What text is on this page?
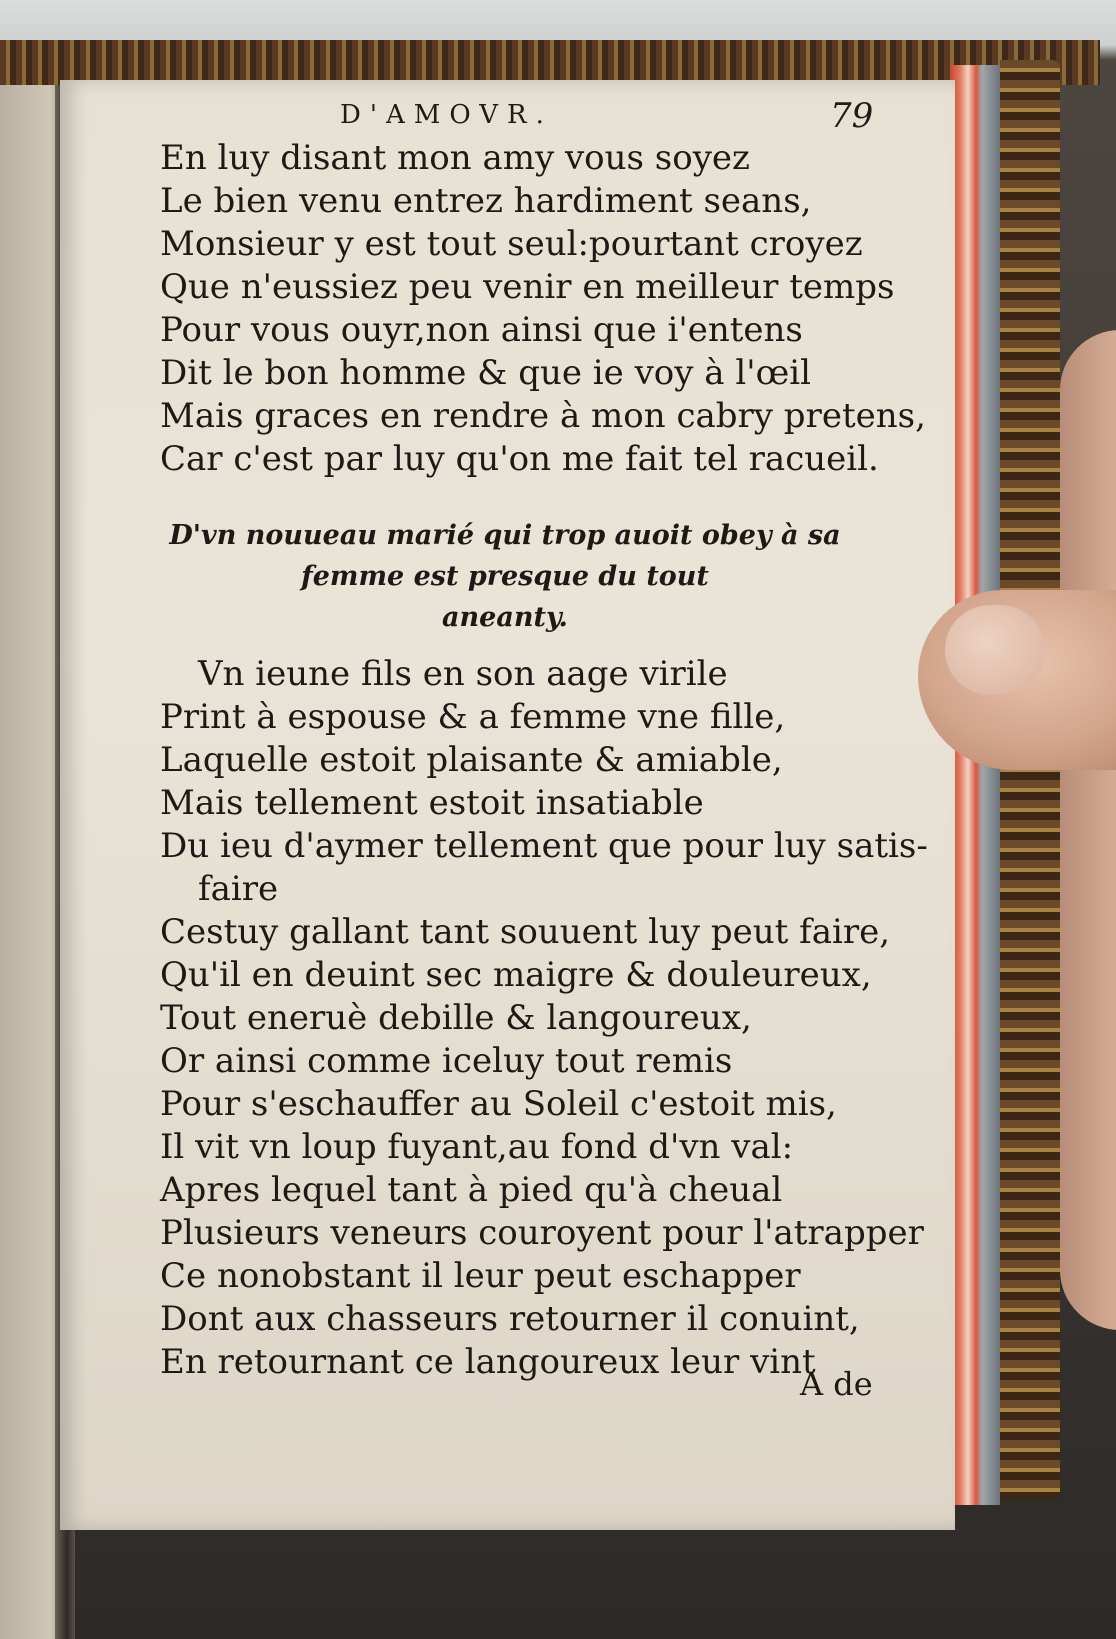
D'AMOVR.	79
En luy disant mon amy vous soyez
Le bien venu entrez hardiment seans,
Monsieur y est tout seul:pourtant croyez
Que n'eussiez peu venir en meilleur temps
Pour vous ouyr,non ainsi que i'entens
Dit le bon homme & que ie voy à l'œil
Mais graces en rendre à mon cabry pretens,
Car c'est par luy qu'on me fait tel racueil.
D'vn nouueau marié qui trop auoit obey à sa
femme est presque du tout
aneanty.
Vn ieune fils en son aage virile
Print à espouse & a femme vne fille,
Laquelle estoit plaisante & amiable,
Mais tellement estoit insatiable
Du ieu d'aymer tellement que pour luy satis-
faire
Cestuy gallant tant souuent luy peut faire,
Qu'il en deuint sec maigre & douleureux,
Tout eneruè debille & langoureux,
Or ainsi comme iceluy tout remis
Pour s'eschauffer au Soleil c'estoit mis,
Il vit vn loup fuyant,au fond d'vn val:
Apres lequel tant à pied qu'à cheual
Plusieurs veneurs couroyent pour l'atrapper
Ce nonobstant il leur peut eschapper
Dont aux chasseurs retourner il conuint,
En retournant ce langoureux leur vint
A de
